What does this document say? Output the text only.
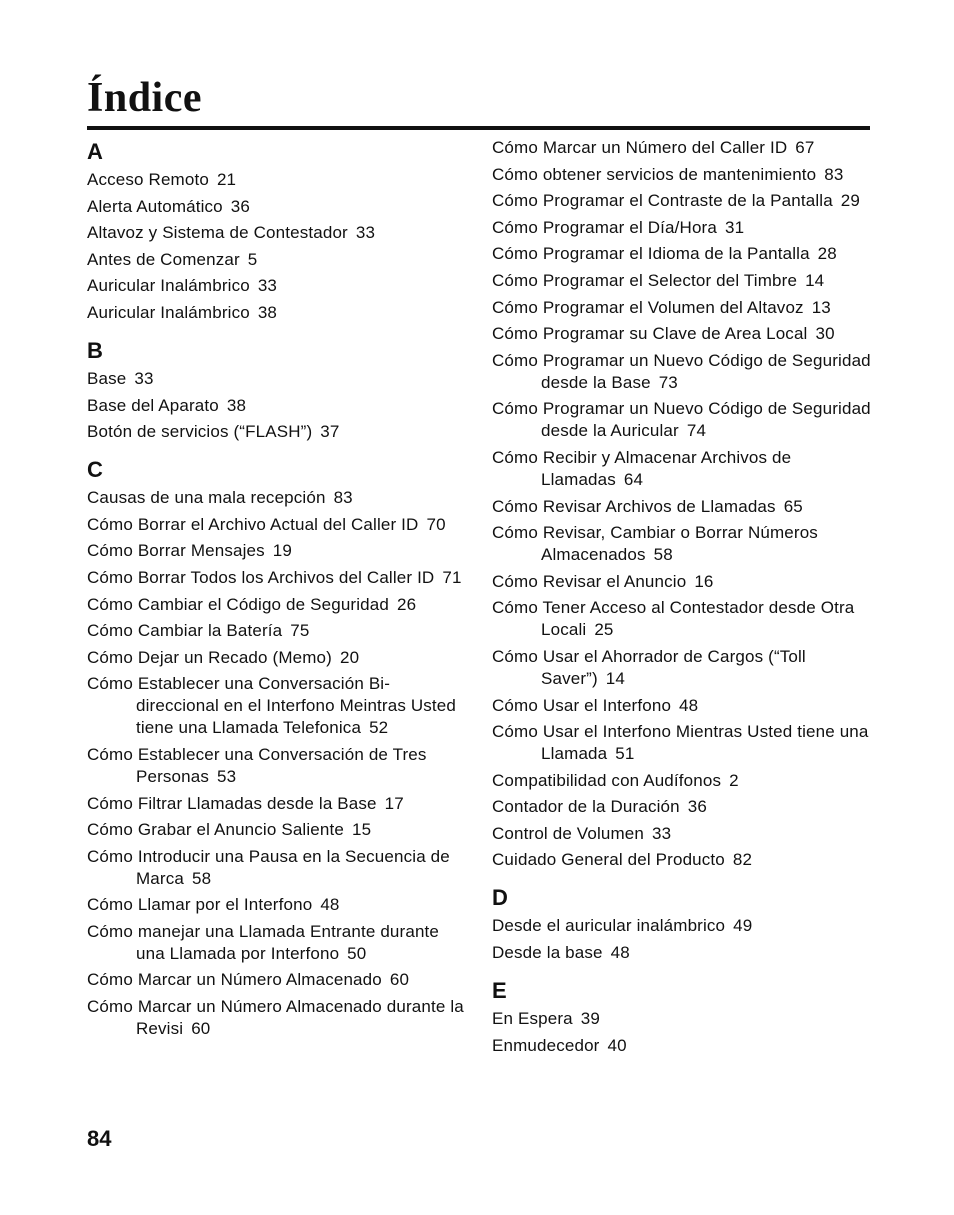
Índice
A
Acceso Remoto 21
Alerta Automático 36
Altavoz y Sistema de Contestador 33
Antes de Comenzar 5
Auricular Inalámbrico 33
Auricular Inalámbrico 38
B
Base 33
Base del Aparato 38
Botón de servicios (“FLASH”) 37
C
Causas de una mala recepción 83
Cómo Borrar el Archivo Actual del Caller ID 70
Cómo Borrar Mensajes 19
Cómo Borrar Todos los Archivos del Caller ID 71
Cómo Cambiar el Código de Seguridad 26
Cómo Cambiar la Batería 75
Cómo Dejar un Recado (Memo) 20
Cómo Establecer una Conversación Bi-direccional en el Interfono Meintras Usted tiene una Llamada Telefonica 52
Cómo Establecer una Conversación de Tres Personas 53
Cómo Filtrar Llamadas desde la Base 17
Cómo Grabar el Anuncio Saliente 15
Cómo Introducir una Pausa en la Secuencia de Marca 58
Cómo Llamar por el Interfono 48
Cómo manejar una Llamada Entrante durante una Llamada por Interfono 50
Cómo Marcar un Número Almacenado 60
Cómo Marcar un Número Almacenado durante la Revisi 60
Cómo Marcar un Número del Caller ID 67
Cómo obtener servicios de mantenimiento 83
Cómo Programar el Contraste de la Pantalla 29
Cómo Programar el Día/Hora 31
Cómo Programar el Idioma de la Pantalla 28
Cómo Programar el Selector del Timbre 14
Cómo Programar el Volumen del Altavoz 13
Cómo Programar su Clave de Area Local 30
Cómo Programar un Nuevo Código de Seguridad desde la Base 73
Cómo Programar un Nuevo Código de Seguridad desde la Auricular 74
Cómo Recibir y Almacenar Archivos de Llamadas 64
Cómo Revisar Archivos de Llamadas 65
Cómo Revisar, Cambiar o Borrar Números Almacenados 58
Cómo Revisar el Anuncio 16
Cómo Tener Acceso al Contestador desde Otra Locali 25
Cómo Usar el Ahorrador de Cargos (“Toll Saver”) 14
Cómo Usar el Interfono 48
Cómo Usar el Interfono Mientras Usted tiene una Llamada 51
Compatibilidad con Audífonos 2
Contador de la Duración 36
Control de Volumen 33
Cuidado General del Producto 82
D
Desde el auricular inalámbrico 49
Desde la base 48
E
En Espera 39
Enmudecedor 40
84
